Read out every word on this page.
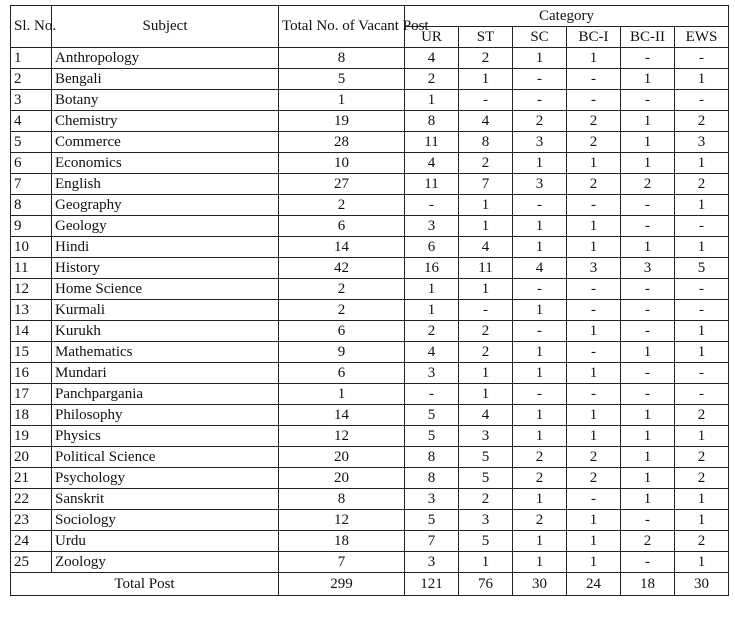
Sl. No.	Subject	Total No. of Vacant Post	Category					
			UR	ST	SC	BC-I	BC-II	EWS
1	Anthropology	8	4	2	1	1	-	-
2	Bengali	5	2	1	-	-	1	1
3	Botany	1	1	-	-	-	-	-
4	Chemistry	19	8	4	2	2	1	2
5	Commerce	28	11	8	3	2	1	3
6	Economics	10	4	2	1	1	1	1
7	English	27	11	7	3	2	2	2
8	Geography	2	-	1	-	-	-	1
9	Geology	6	3	1	1	1	-	-
10	Hindi	14	6	4	1	1	1	1
11	History	42	16	11	4	3	3	5
12	Home Science	2	1	1	-	-	-	-
13	Kurmali	2	1	-	1	-	-	-
14	Kurukh	6	2	2	-	1	-	1
15	Mathematics	9	4	2	1	-	1	1
16	Mundari	6	3	1	1	1	-	-
17	Panchpargania	1	-	1	-	-	-	-
18	Philosophy	14	5	4	1	1	1	2
19	Physics	12	5	3	1	1	1	1
20	Political Science	20	8	5	2	2	1	2
21	Psychology	20	8	5	2	2	1	2
22	Sanskrit	8	3	2	1	-	1	1
23	Sociology	12	5	3	2	1	-	1
24	Urdu	18	7	5	1	1	2	2
25	Zoology	7	3	1	1	1	-	1
Total Post		299	121	76	30	24	18	30
